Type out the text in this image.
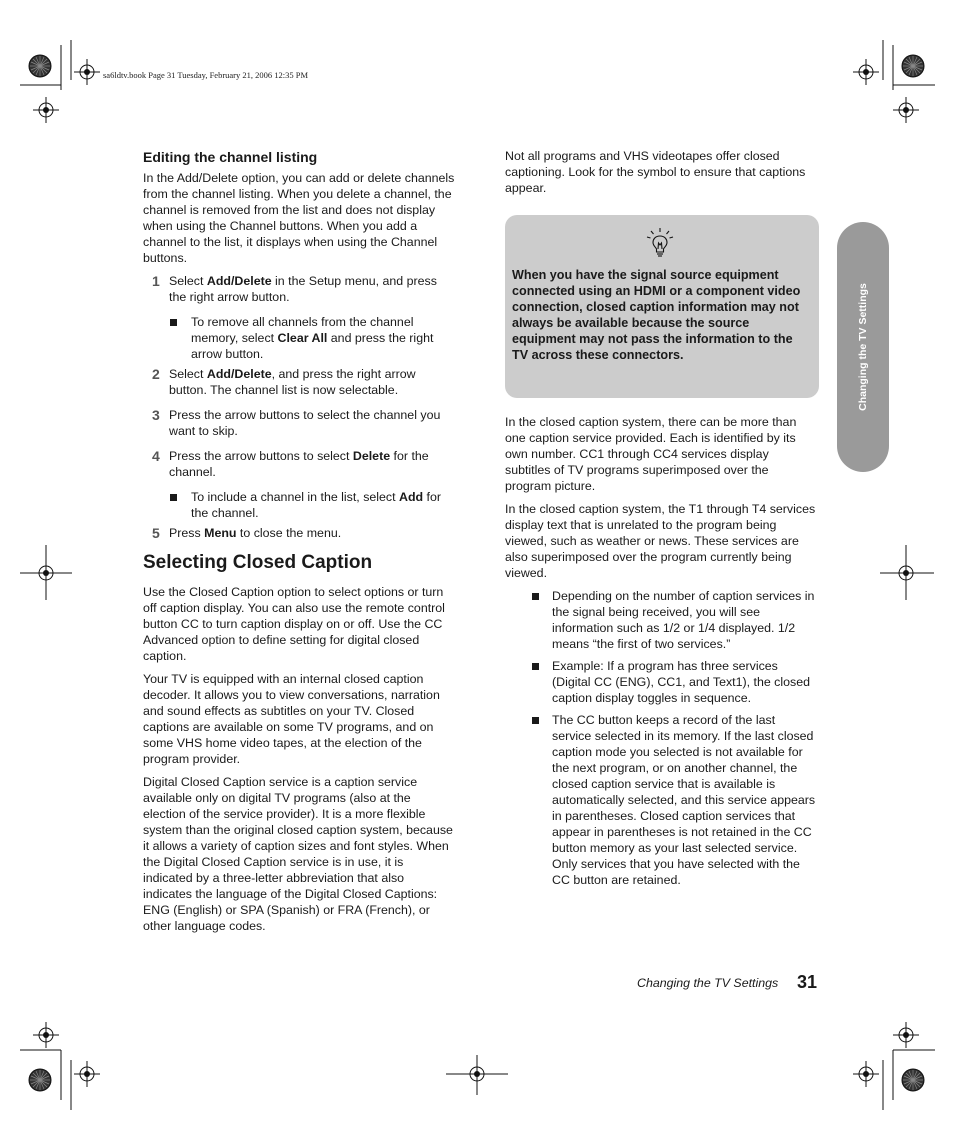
sa6ldtv.book Page 31 Tuesday, February 21, 2006 12:35 PM
Editing the channel listing

In the Add/Delete option, you can add or delete channels from the channel listing. When you delete a channel, the channel is removed from the list and does not display when using the Channel buttons. When you add a channel to the list, it displays when using the Channel buttons.

1 Select Add/Delete in the Setup menu, and press the right arrow button.
To remove all channels from the channel memory, select Clear All and press the right arrow button.
2 Select Add/Delete, and press the right arrow button. The channel list is now selectable.
3 Press the arrow buttons to select the channel you want to skip.
4 Press the arrow buttons to select Delete for the channel.
To include a channel in the list, select Add for the channel.
5 Press Menu to close the menu.
Selecting Closed Caption

Use the Closed Caption option to select options or turn off caption display. You can also use the remote control button CC to turn caption display on or off. Use the CC Advanced option to define setting for digital closed caption.

Your TV is equipped with an internal closed caption decoder. It allows you to view conversations, narration and sound effects as subtitles on your TV. Closed captions are available on some TV programs, and on some VHS home video tapes, at the election of the program provider.

Digital Closed Caption service is a caption service available only on digital TV programs (also at the election of the service provider). It is a more flexible system than the original closed caption system, because it allows a variety of caption sizes and font styles. When the Digital Closed Caption service is in use, it is indicated by a three-letter abbreviation that also indicates the language of the Digital Closed Captions: ENG (English) or SPA (Spanish) or FRA (French), or other language codes.

Not all programs and VHS videotapes offer closed captioning. Look for the symbol to ensure that captions appear.

When you have the signal source equipment connected using an HDMI or a component video connection, closed caption information may not always be available because the source equipment may not pass the information to the TV across these connectors.

In the closed caption system, there can be more than one caption service provided. Each is identified by its own number. CC1 through CC4 services display subtitles of TV programs superimposed over the program picture.

In the closed caption system, the T1 through T4 services display text that is unrelated to the program being viewed, such as weather or news. These services are also superimposed over the program currently being viewed.

Depending on the number of caption services in the signal being received, you will see information such as 1/2 or 1/4 displayed. 1/2 means “the first of two services.”
Example: If a program has three services (Digital CC (ENG), CC1, and Text1), the closed caption display toggles in sequence.
The CC button keeps a record of the last service selected in its memory. If the last closed caption mode you selected is not available for the next program, or on another channel, the closed caption service that is available is automatically selected, and this service appears in parentheses. Closed caption services that appear in parentheses is not retained in the CC button memory as your last selected service. Only services that you have selected with the CC button are retained.
Changing the TV Settings
Changing the TV Settings 31
